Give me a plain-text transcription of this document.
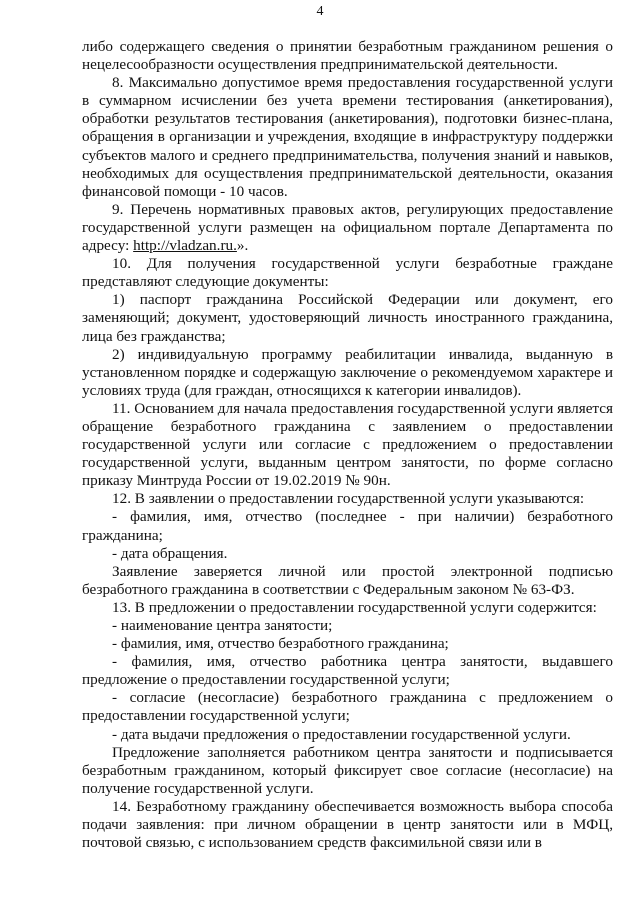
4

либо содержащего сведения о принятии безработным гражданином решения о нецелесообразности осуществления предпринимательской деятельности.

8. Максимально допустимое время предоставления государственной услуги в суммарном исчислении без учета времени тестирования (анкетирования), обработки результатов тестирования (анкетирования), подготовки бизнес-плана, обращения в организации и учреждения, входящие в инфраструктуру поддержки субъектов малого и среднего предпринимательства, получения знаний и навыков, необходимых для осуществления предпринимательской деятельности, оказания финансовой помощи - 10 часов.

9. Перечень нормативных правовых актов, регулирующих предоставление государственной услуги размещен на официальном портале Департамента по адресу: http://vladzan.ru.».

10. Для получения государственной услуги безработные граждане представляют следующие документы:

1) паспорт гражданина Российской Федерации или документ, его заменяющий; документ, удостоверяющий личность иностранного гражданина, лица без гражданства;

2) индивидуальную программу реабилитации инвалида, выданную в установленном порядке и содержащую заключение о рекомендуемом характере и условиях труда (для граждан, относящихся к категории инвалидов).

11. Основанием для начала предоставления государственной услуги является обращение безработного гражданина с заявлением о предоставлении государственной услуги или согласие с предложением о предоставлении государственной услуги, выданным центром занятости, по форме согласно приказу Минтруда России от 19.02.2019 № 90н.

12. В заявлении о предоставлении государственной услуги указываются:

- фамилия, имя, отчество (последнее - при наличии) безработного гражданина;

- дата обращения.

Заявление заверяется личной или простой электронной подписью безработного гражданина в соответствии с Федеральным законом № 63-ФЗ.

13. В предложении о предоставлении государственной услуги содержится:

- наименование центра занятости;

- фамилия, имя, отчество безработного гражданина;

- фамилия, имя, отчество работника центра занятости, выдавшего предложение о предоставлении государственной услуги;

- согласие (несогласие) безработного гражданина с предложением о предоставлении государственной услуги;

- дата выдачи предложения о предоставлении государственной услуги.

Предложение заполняется работником центра занятости и подписывается безработным гражданином, который фиксирует свое согласие (несогласие) на получение государственной услуги.

14. Безработному гражданину обеспечивается возможность выбора способа подачи заявления: при личном обращении в центр занятости или в МФЦ, почтовой связью, с использованием средств факсимильной связи или в
